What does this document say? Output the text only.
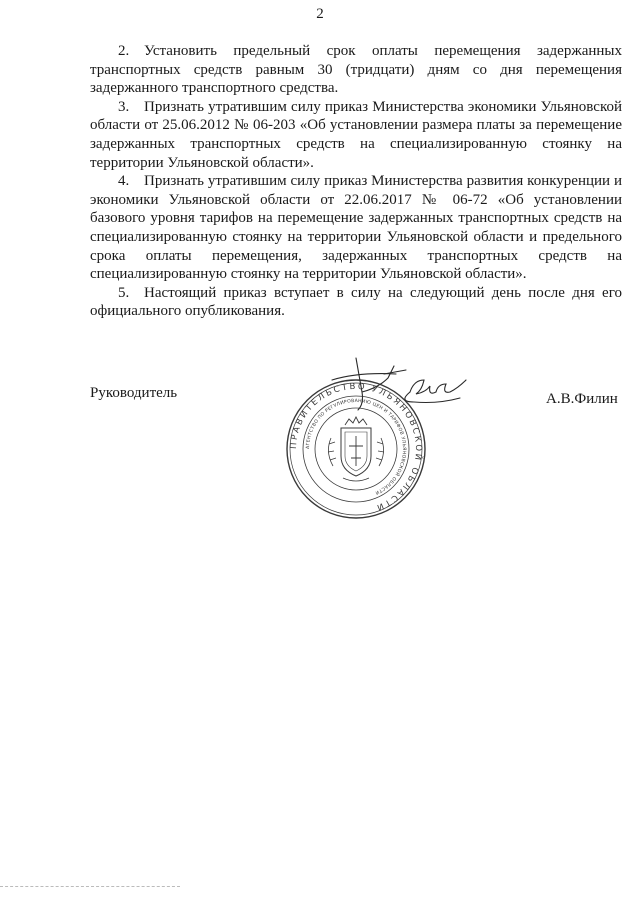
2

2. Установить предельный срок оплаты перемещения задержанных транспортных средств равным 30 (тридцати) дням со дня перемещения задержанного транспортного средства.

3. Признать утратившим силу приказ Министерства экономики Ульяновской области от 25.06.2012 № 06-203 «Об установлении размера платы за перемещение задержанных транспортных средств на специализированную стоянку на территории Ульяновской области».

4. Признать утратившим силу приказ Министерства развития конкуренции и экономики Ульяновской области от 22.06.2017 № 06-72 «Об установлении базового уровня тарифов на перемещение задержанных транспортных средств на специализированную стоянку на территории Ульяновской области и предельного срока оплаты перемещения, задержанных транспортных средств на специализированную стоянку на территории Ульяновской области».

5. Настоящий приказ вступает в силу на следующий день после дня его официального опубликования.

Руководитель	А.В.Филин
ПРАВИТЕЛЬСТВО УЛЬЯНОВСКОЙ ОБЛАСТИ
АГЕНТСТВО ПО РЕГУЛИРОВАНИЮ ЦЕН И ТАРИФОВ УЛЬЯНОВСКОЙ ОБЛАСТИ
